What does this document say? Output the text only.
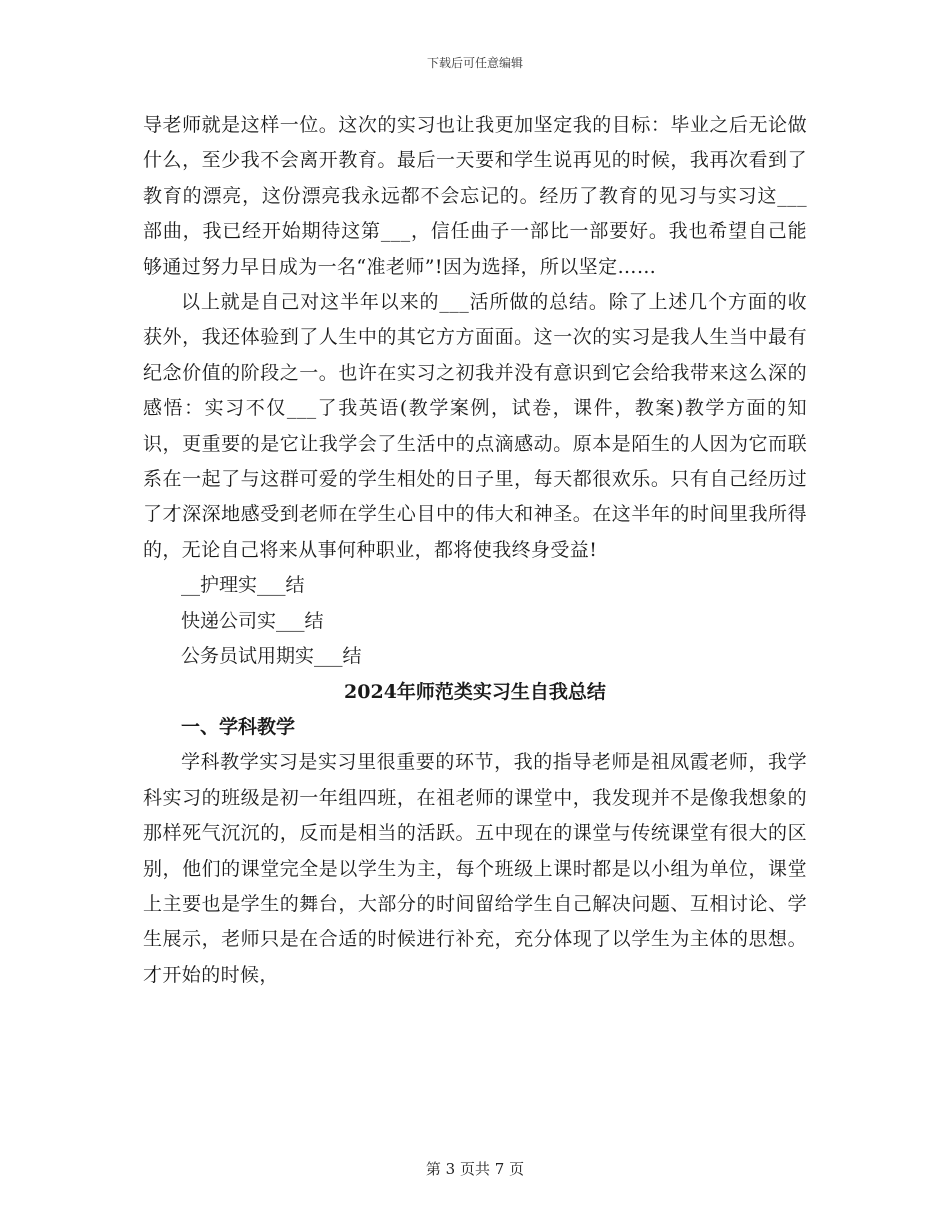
下载后可任意编辑

导老师就是这样一位。这次的实习也让我更加坚定我的目标：毕业之后无论做什么，至少我不会离开教育。最后一天要和学生说再见的时候，我再次看到了教育的漂亮，这份漂亮我永远都不会忘记的。经历了教育的见习与实习这___部曲，我已经开始期待这第___，信任曲子一部比一部要好。我也希望自己能够通过努力早日成为一名“准老师”!因为选择，所以坚定……

以上就是自己对这半年以来的___活所做的总结。除了上述几个方面的收获外，我还体验到了人生中的其它方方面面。这一次的实习是我人生当中最有纪念价值的阶段之一。也许在实习之初我并没有意识到它会给我带来这么深的感悟：实习不仅___了我英语(教学案例，试卷，课件，教案)教学方面的知识，更重要的是它让我学会了生活中的点滴感动。原本是陌生的人因为它而联系在一起了与这群可爱的学生相处的日子里，每天都很欢乐。只有自己经历过了才深深地感受到老师在学生心目中的伟大和神圣。在这半年的时间里我所得的，无论自己将来从事何种职业，都将使我终身受益!

__护理实___结

快递公司实___结

公务员试用期实___结

2024年师范类实习生自我总结

一、学科教学

学科教学实习是实习里很重要的环节，我的指导老师是祖凤霞老师，我学科实习的班级是初一年组四班，在祖老师的课堂中，我发现并不是像我想象的那样死气沉沉的，反而是相当的活跃。五中现在的课堂与传统课堂有很大的区别，他们的课堂完全是以学生为主，每个班级上课时都是以小组为单位，课堂上主要也是学生的舞台，大部分的时间留给学生自己解决问题、互相讨论、学生展示，老师只是在合适的时候进行补充，充分体现了以学生为主体的思想。才开始的时候，

第 3 页共 7 页
